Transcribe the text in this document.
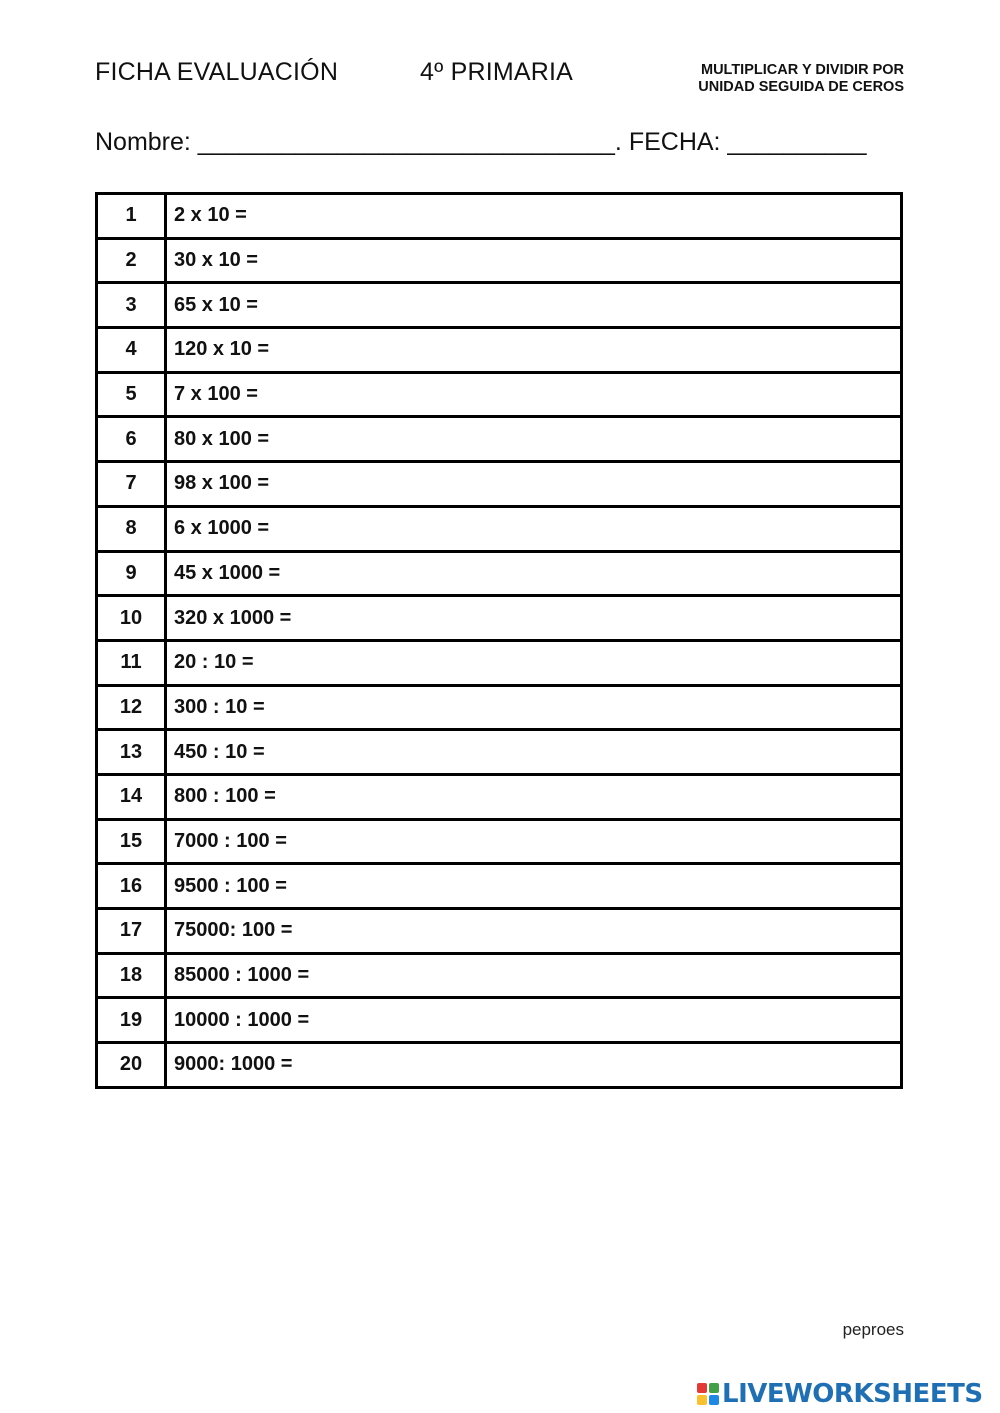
FICHA EVALUACIÓN	4º PRIMARIA	MULTIPLICAR Y DIVIDIR POR
UNIDAD SEGUIDA DE CEROS
Nombre: ______________________________. FECHA: __________
1	2 x 10 =
2	30 x 10 =
3	65 x 10 =
4	120 x 10 =
5	7 x 100 =
6	80 x 100 =
7	98 x 100 =
8	6 x 1000 =
9	45 x 1000 =
10	320 x 1000 =
11	20 : 10 =
12	300 : 10 =
13	450 : 10 =
14	800 : 100 =
15	7000 : 100 =
16	9500 : 100 =
17	75000: 100 =
18	85000 : 1000 =
19	10000 : 1000 =
20	9000: 1000 =
peproes
LIVEWORKSHEETS
